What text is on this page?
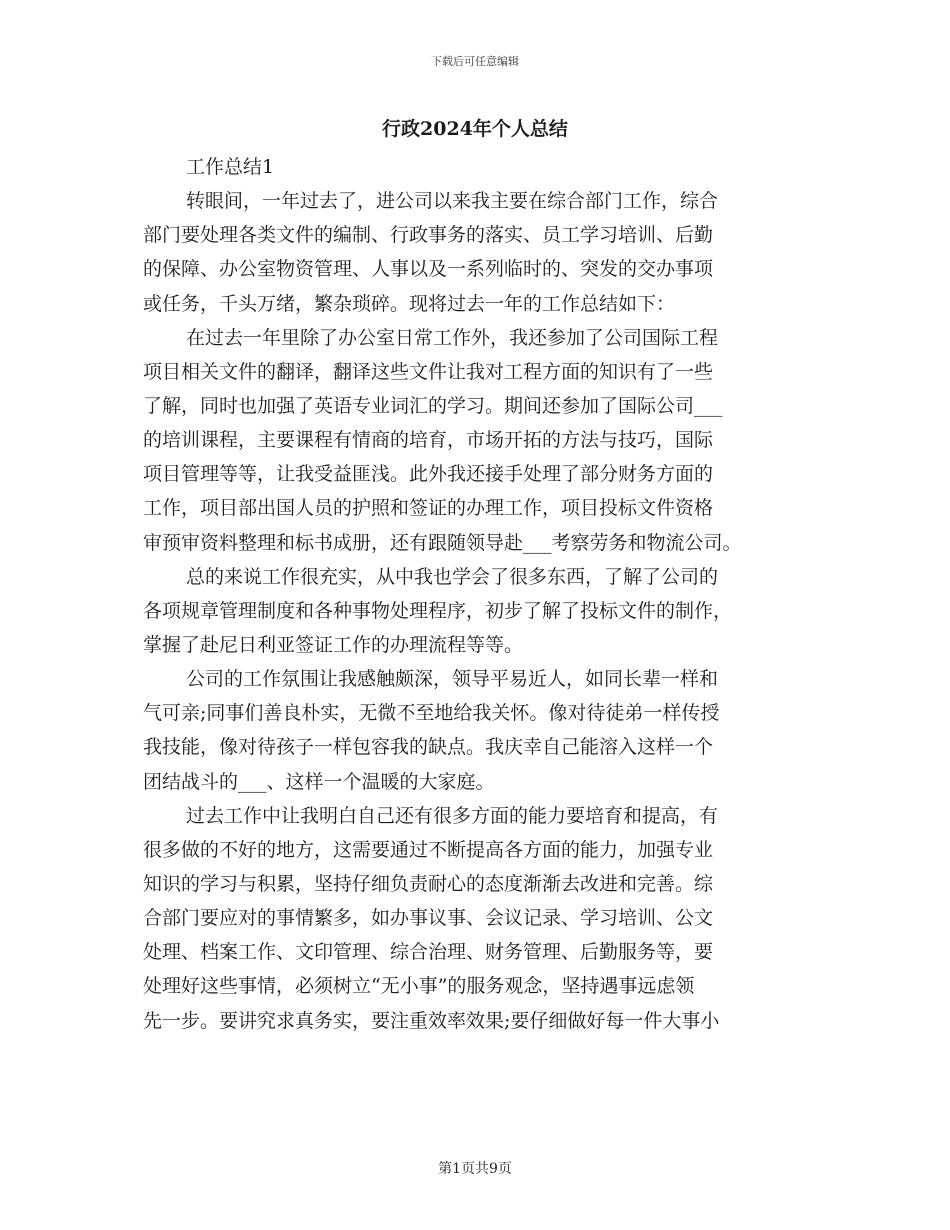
下载后可任意编辑
行政2024年个人总结
工作总结1
转眼间，一年过去了，进公司以来我主要在综合部门工作，综合
部门要处理各类文件的编制、行政事务的落实、员工学习培训、后勤
的保障、办公室物资管理、人事以及一系列临时的、突发的交办事项
或任务，千头万绪，繁杂琐碎。现将过去一年的工作总结如下：
在过去一年里除了办公室日常工作外，我还参加了公司国际工程
项目相关文件的翻译，翻译这些文件让我对工程方面的知识有了一些
了解，同时也加强了英语专业词汇的学习。期间还参加了国际公司___
的培训课程，主要课程有情商的培育，市场开拓的方法与技巧，国际
项目管理等等，让我受益匪浅。此外我还接手处理了部分财务方面的
工作，项目部出国人员的护照和签证的办理工作，项目投标文件资格
审预审资料整理和标书成册，还有跟随领导赴___考察劳务和物流公司。
总的来说工作很充实，从中我也学会了很多东西，了解了公司的
各项规章管理制度和各种事物处理程序，初步了解了投标文件的制作，
掌握了赴尼日利亚签证工作的办理流程等等。
公司的工作氛围让我感触颇深，领导平易近人，如同长辈一样和
气可亲;同事们善良朴实，无微不至地给我关怀。像对待徒弟一样传授
我技能，像对待孩子一样包容我的缺点。我庆幸自己能溶入这样一个
团结战斗的___、这样一个温暖的大家庭。
过去工作中让我明白自己还有很多方面的能力要培育和提高，有
很多做的不好的地方，这需要通过不断提高各方面的能力，加强专业
知识的学习与积累，坚持仔细负责耐心的态度渐渐去改进和完善。综
合部门要应对的事情繁多，如办事议事、会议记录、学习培训、公文
处理、档案工作、文印管理、综合治理、财务管理、后勤服务等，要
处理好这些事情，必须树立“无小事”的服务观念，坚持遇事远虑领
先一步。要讲究求真务实，要注重效率效果;要仔细做好每一件大事小
第1页共9页
